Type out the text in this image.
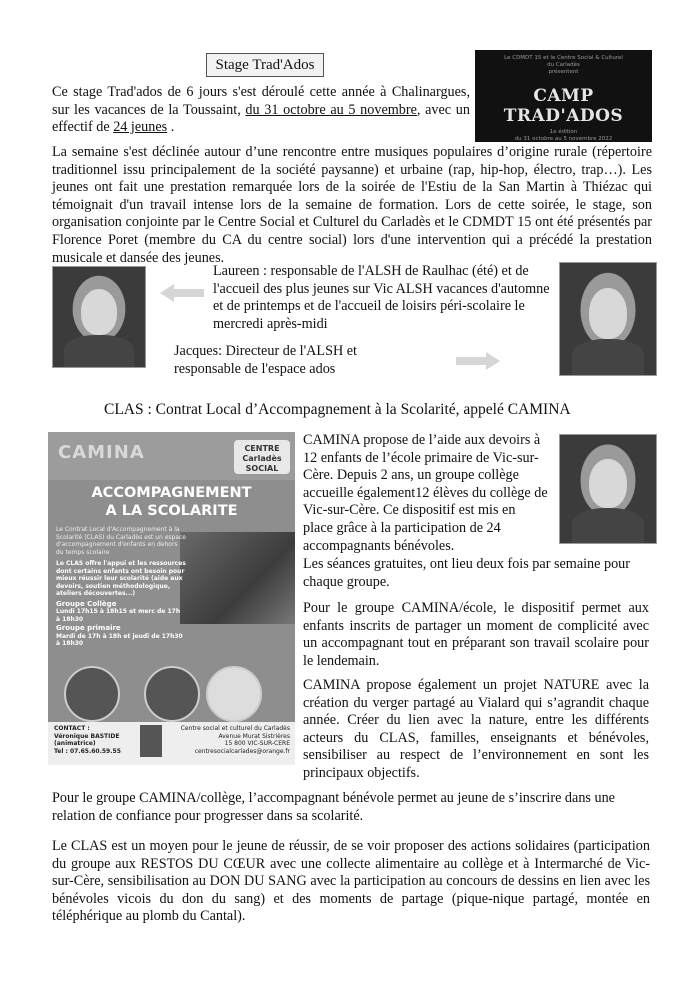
Stage Trad'Ados
Ce stage Trad'ados de 6 jours s'est déroulé cette année à Chalinargues, sur les vacances de la Toussaint, du 31 octobre au 5 novembre, avec un effectif de 24 jeunes .
Le CDMDT 15 et le Centre Social & Culturel
du Carladès
présentent
CAMP TRAD'ADOS
1e édition
du 31 octobre au 5 novembre 2022
La semaine s'est déclinée autour d’une rencontre entre musiques populaires d’origine rurale (répertoire traditionnel issu principalement de la société paysanne) et urbaine (rap, hip-hop, électro, trap…). Les jeunes ont fait une prestation remarquée lors de la soirée de l'Estiu de la San Martin à Thiézac qui témoignait d'un travail intense lors de la semaine de formation. Lors de cette soirée, le stage, son organisation conjointe par le Centre Social et Culturel du Carladès et le CDMDT 15 ont été présentés par Florence Poret (membre du CA du centre social) lors d'une intervention qui a précédé la prestation musicale et dansée des jeunes.
Laureen : responsable de l'ALSH de Raulhac (été) et de l'accueil des plus jeunes sur Vic ALSH vacances d'automne et de printemps et de l'accueil de loisirs péri-scolaire le mercredi après-midi
Jacques: Directeur de l'ALSH et responsable de l'espace ados
CLAS : Contrat Local d’Accompagnement à la Scolarité, appelé CAMINA
CAMINA	CENTRE Carladès SOCIAL
ACCOMPAGNEMENT
A LA SCOLARITE
Le Contrat Local d'Accompagnement à la Scolarité (CLAS) du Carladès est un espace d'accompagnement d'enfants en dehors du temps scolaire
Le CLAS offre l'appui et les ressources dont certains enfants ont besoin pour mieux réussir leur scolarité (aide aux devoirs, soutien méthodologique, ateliers découvertes...)
Groupe Collège
Lundi 17h15 à 18h15 et merc de 17h à 18h30
Groupe primaire
Mardi de 17h à 18h et jeudi de 17h30 à 18h30
CONTACT :
Véronique BASTIDE
(animatrice)
Tel : 07.65.60.59.55
Centre social et culturel du Carladès
Avenue Murat Sistrières
15 800 VIC-SUR-CERE
centresocialcarlades@orange.fr
CAMINA propose de l’aide aux devoirs à 12 enfants de l’école primaire de Vic-sur-Cère. Depuis 2 ans, un groupe collège accueille également12 élèves du collège de Vic-sur-Cère. Ce dispositif est mis en place grâce à la participation de 24 accompagnants bénévoles.
Les séances gratuites, ont lieu deux fois par semaine pour chaque groupe.
Pour le groupe CAMINA/école, le dispositif permet aux enfants inscrits de partager un moment de complicité avec un accompagnant tout en préparant son travail scolaire pour le lendemain.
CAMINA propose également un projet NATURE avec la création du verger partagé au Vialard qui s’agrandit chaque année. Créer du lien avec la nature, entre les différents acteurs du CLAS, familles, enseignants et bénévoles, sensibiliser au respect de l’environnement en sont les principaux objectifs.
Pour le groupe CAMINA/collège, l’accompagnant bénévole permet au jeune de s’inscrire dans une relation de confiance pour progresser dans sa scolarité.
Le CLAS est un moyen pour le jeune de réussir, de se voir proposer des actions solidaires (participation du groupe aux RESTOS DU CŒUR avec une collecte alimentaire au collège et à Intermarché de Vic-sur-Cère, sensibilisation au DON DU SANG avec la participation au concours de dessins en lien avec les bénévoles vicois du don du sang) et des moments de partage (pique-nique partagé, montée en téléphérique au plomb du Cantal).
